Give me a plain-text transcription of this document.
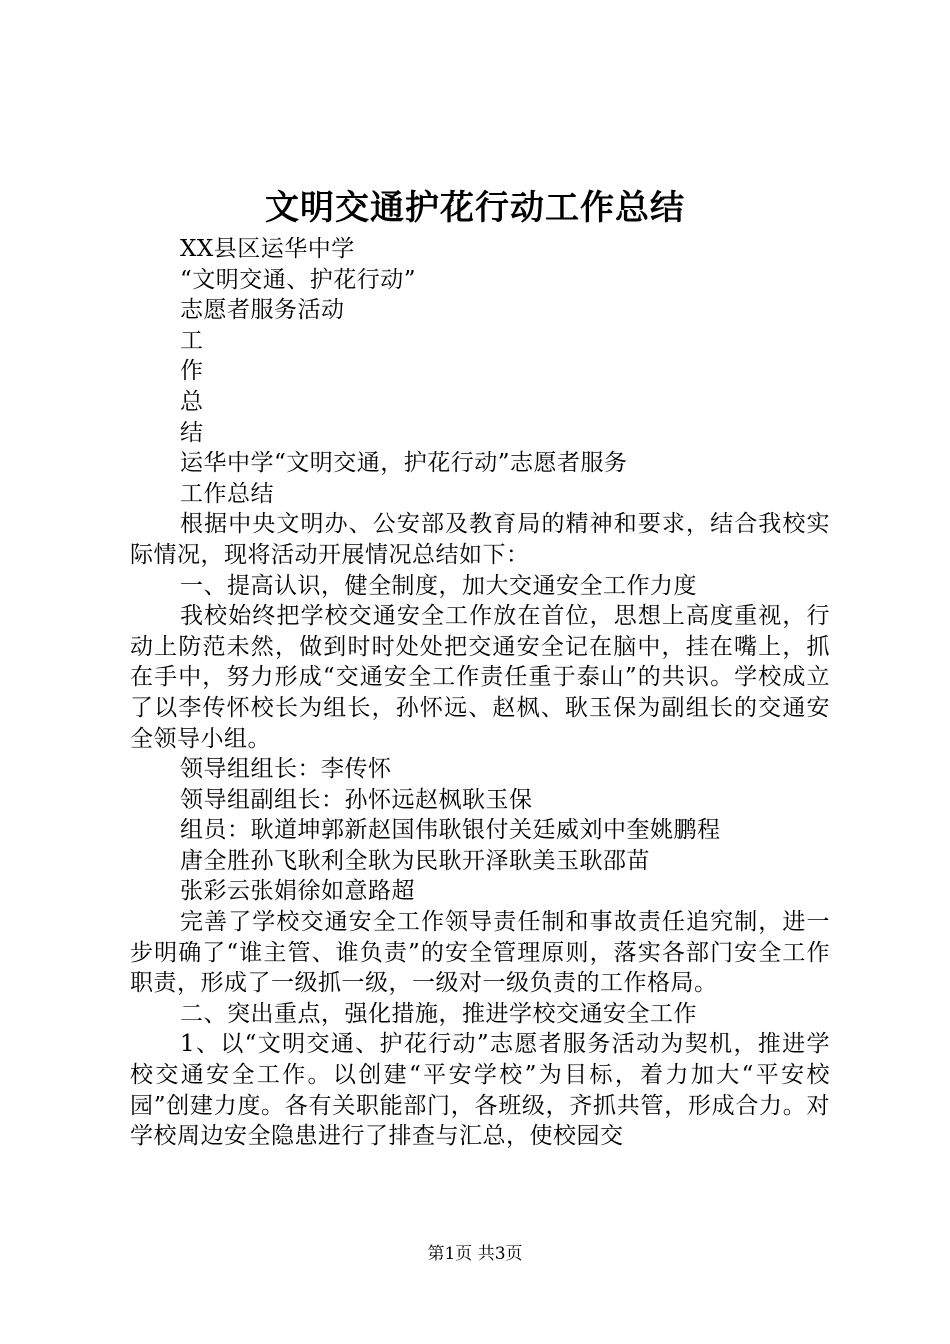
文明交通护花行动工作总结

XX县区运华中学

“文明交通、护花行动”

志愿者服务活动

工

作

总

结

运华中学“文明交通，护花行动”志愿者服务

工作总结

根据中央文明办、公安部及教育局的精神和要求，结合我校实际情况，现将活动开展情况总结如下：

一、提高认识，健全制度，加大交通安全工作力度

我校始终把学校交通安全工作放在首位，思想上高度重视，行动上防范未然，做到时时处处把交通安全记在脑中，挂在嘴上，抓在手中，努力形成“交通安全工作责任重于泰山”的共识。学校成立了以李传怀校长为组长，孙怀远、赵枫、耿玉保为副组长的交通安全领导小组。

领导组组长：李传怀

领导组副组长：孙怀远赵枫耿玉保

组员：耿道坤郭新赵国伟耿银付关廷威刘中奎姚鹏程

唐全胜孙飞耿利全耿为民耿开泽耿美玉耿邵苗

张彩云张娟徐如意路超

完善了学校交通安全工作领导责任制和事故责任追究制，进一步明确了“谁主管、谁负责”的安全管理原则，落实各部门安全工作职责，形成了一级抓一级，一级对一级负责的工作格局。

二、突出重点，强化措施，推进学校交通安全工作

1、以“文明交通、护花行动”志愿者服务活动为契机，推进学校交通安全工作。以创建“平安学校”为目标，着力加大“平安校园”创建力度。各有关职能部门，各班级，齐抓共管，形成合力。对学校周边安全隐患进行了排查与汇总，使校园交

第1页 共3页
